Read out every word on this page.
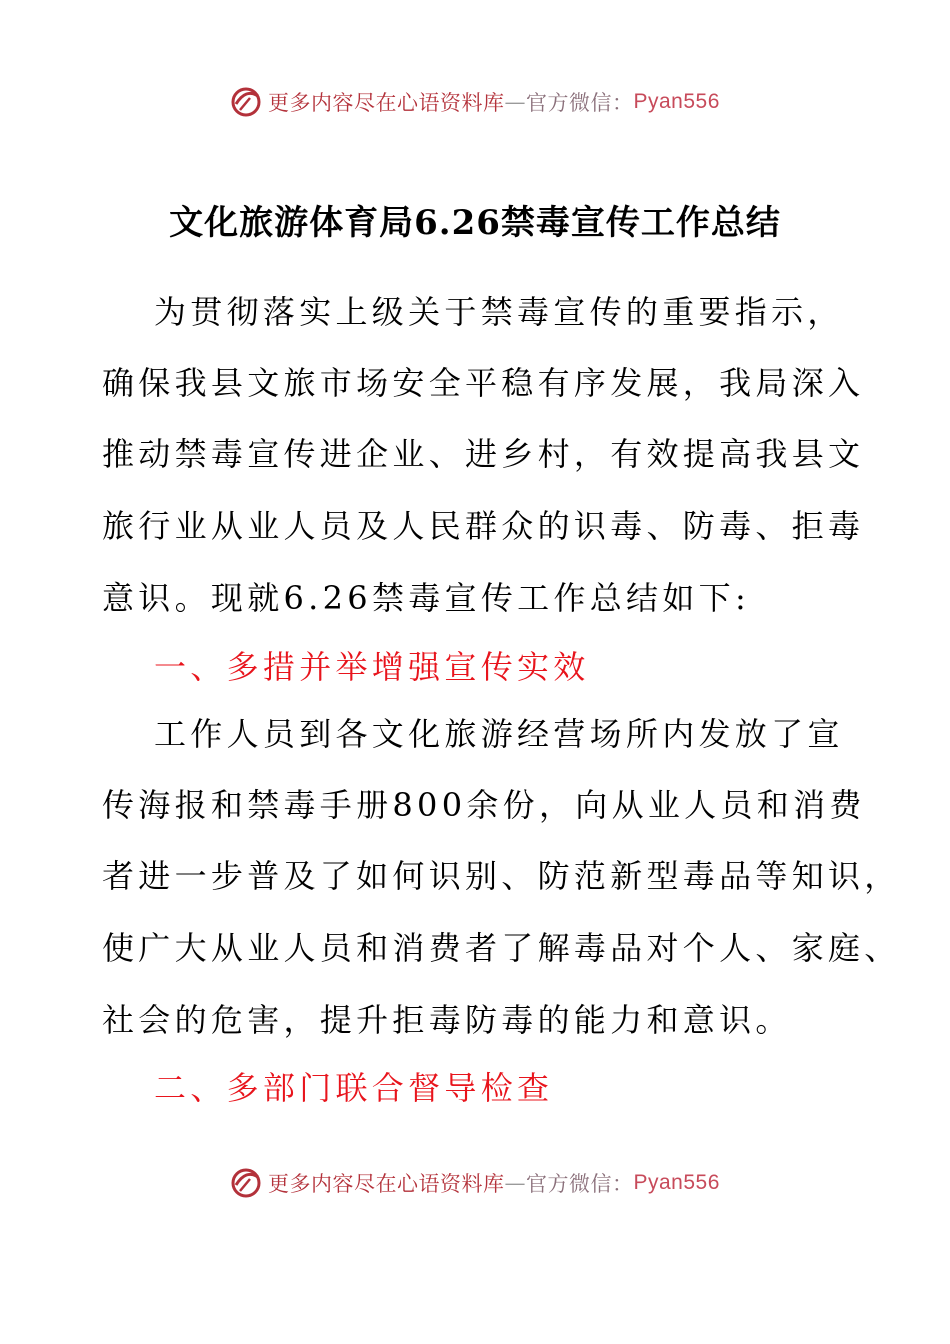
更多内容尽在心语资料库 — 官方微信： Pyan556
文化旅游体育局6.26禁毒宣传工作总结
为贯彻落实上级关于禁毒宣传的重要指示，
确保我县文旅市场安全平稳有序发展，我局深入
推动禁毒宣传进企业、进乡村，有效提高我县文
旅行业从业人员及人民群众的识毒、防毒、拒毒
意识。现就6.26禁毒宣传工作总结如下:
一、多措并举增强宣传实效
工作人员到各文化旅游经营场所内发放了宣
传海报和禁毒手册800余份，向从业人员和消费
者进一步普及了如何识别、防范新型毒品等知识，
使广大从业人员和消费者了解毒品对个人、家庭、
社会的危害，提升拒毒防毒的能力和意识。
二、多部门联合督导检查
更多内容尽在心语资料库 — 官方微信： Pyan556
